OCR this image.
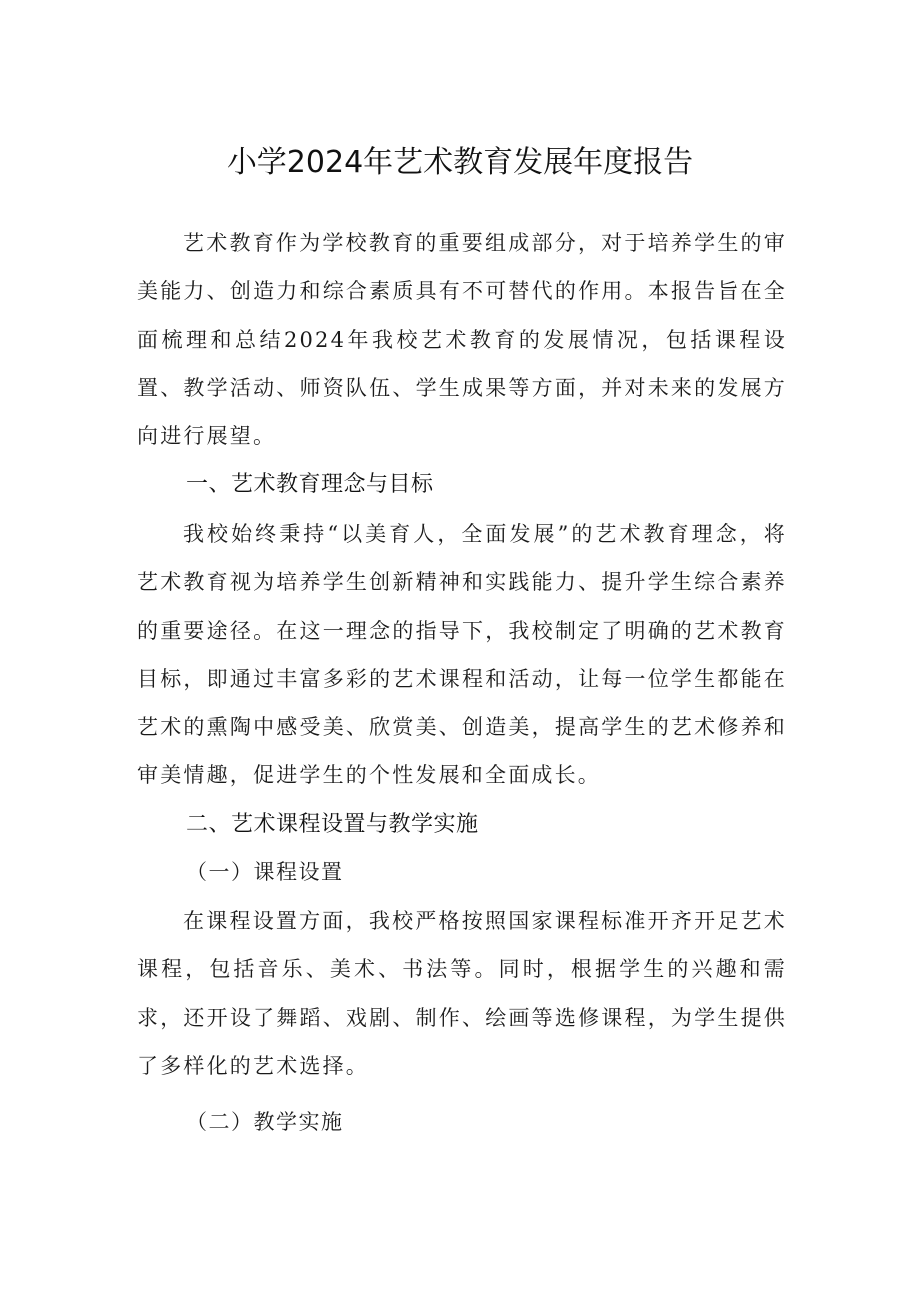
小学2024年艺术教育发展年度报告

艺术教育作为学校教育的重要组成部分，对于培养学生的审美能力、创造力和综合素质具有不可替代的作用。本报告旨在全面梳理和总结2024年我校艺术教育的发展情况，包括课程设置、教学活动、师资队伍、学生成果等方面，并对未来的发展方向进行展望。

一、艺术教育理念与目标

我校始终秉持“以美育人，全面发展”的艺术教育理念，将艺术教育视为培养学生创新精神和实践能力、提升学生综合素养的重要途径。在这一理念的指导下，我校制定了明确的艺术教育目标，即通过丰富多彩的艺术课程和活动，让每一位学生都能在艺术的熏陶中感受美、欣赏美、创造美，提高学生的艺术修养和审美情趣，促进学生的个性发展和全面成长。

二、艺术课程设置与教学实施
（一）课程设置

在课程设置方面，我校严格按照国家课程标准开齐开足艺术课程，包括音乐、美术、书法等。同时，根据学生的兴趣和需求，还开设了舞蹈、戏剧、制作、绘画等选修课程，为学生提供了多样化的艺术选择。

（二）教学实施
